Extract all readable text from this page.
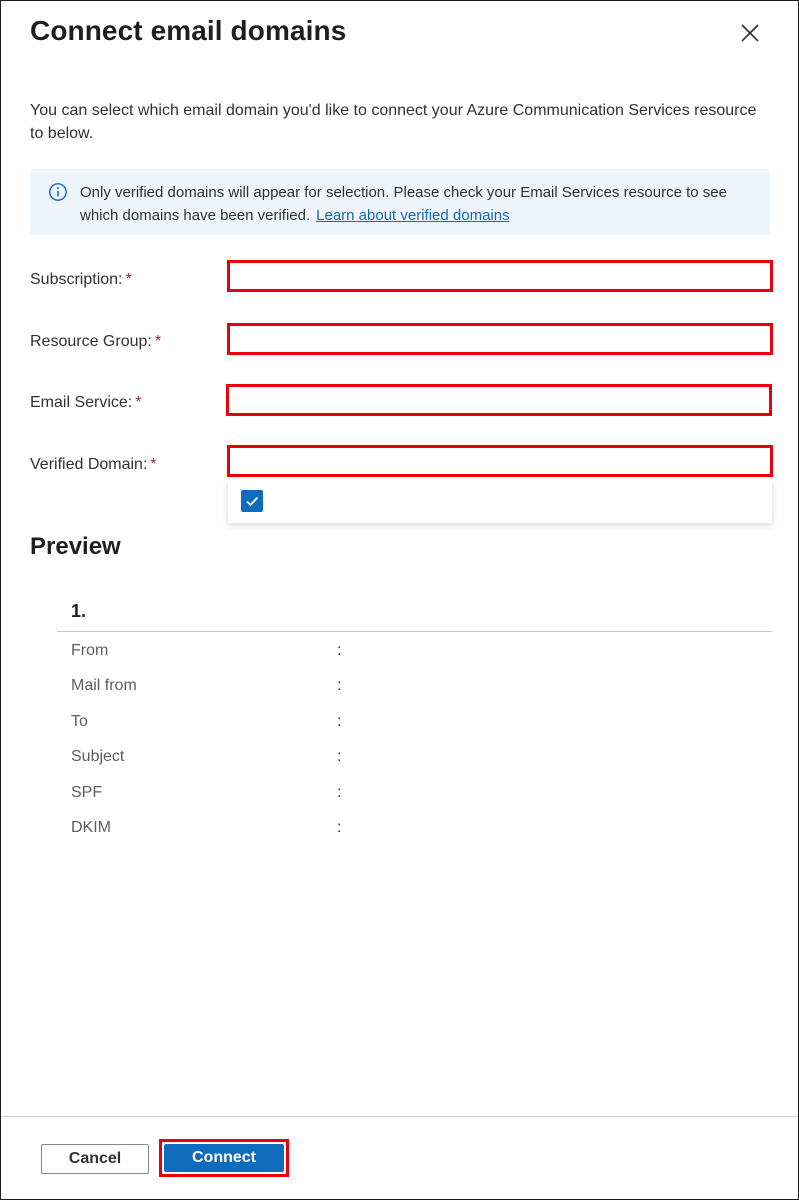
Connect email domains
You can select which email domain you'd like to connect your Azure Communication Services resource to below.
Only verified domains will appear for selection. Please check your Email Services resource to see which domains have been verified. Learn about verified domains
Subscription: *
Resource Group: *
Email Service: *
Verified Domain: *
Preview
1.
From	:
Mail from	:
To	:
Subject	:
SPF	:
DKIM	:
Cancel	Connect
